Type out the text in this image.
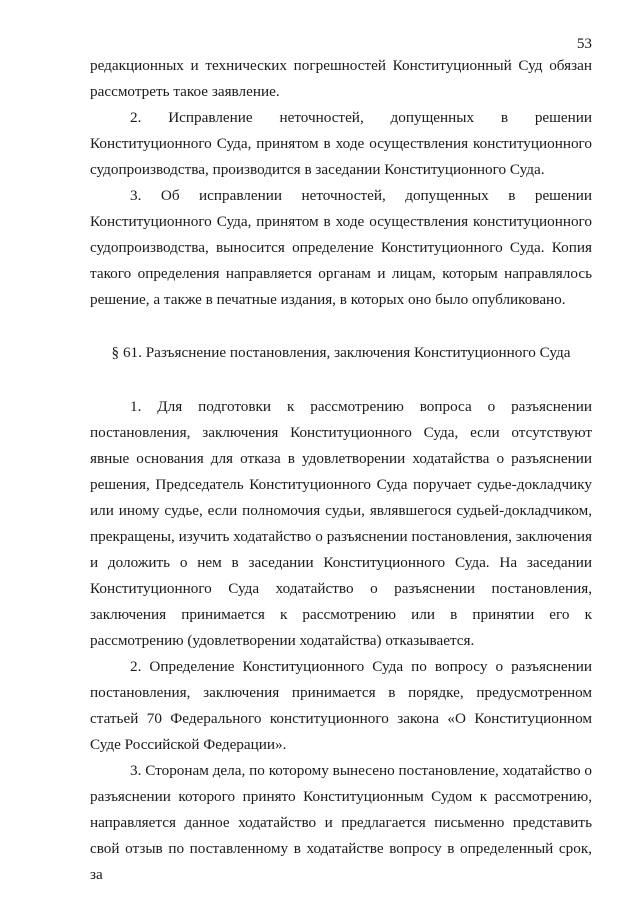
53

редакционных и технических погрешностей Конституционный Суд обязан рассмотреть такое заявление.

2. Исправление неточностей, допущенных в решении Конституционного Суда, принятом в ходе осуществления конституционного судопроизводства, производится в заседании Конституционного Суда.

3. Об исправлении неточностей, допущенных в решении Конституционного Суда, принятом в ходе осуществления конституционного судопроизводства, выносится определение Конституционного Суда. Копия такого определения направляется органам и лицам, которым направлялось решение, а также в печатные издания, в которых оно было опубликовано.

§ 61. Разъяснение постановления, заключения Конституционного Суда

1. Для подготовки к рассмотрению вопроса о разъяснении постановления, заключения Конституционного Суда, если отсутствуют явные основания для отказа в удовлетворении ходатайства о разъяснении решения, Председатель Конституционного Суда поручает судье-докладчику или иному судье, если полномочия судьи, являвшегося судьей-докладчиком, прекращены, изучить ходатайство о разъяснении постановления, заключения и доложить о нем в заседании Конституционного Суда. На заседании Конституционного Суда ходатайство о разъяснении постановления, заключения принимается к рассмотрению или в принятии его к рассмотрению (удовлетворении ходатайства) отказывается.

2. Определение Конституционного Суда по вопросу о разъяснении постановления, заключения принимается в порядке, предусмотренном статьей 70 Федерального конституционного закона «О Конституционном Суде Российской Федерации».

3. Сторонам дела, по которому вынесено постановление, ходатайство о разъяснении которого принято Конституционным Судом к рассмотрению, направляется данное ходатайство и предлагается письменно представить свой отзыв по поставленному в ходатайстве вопросу в определенный срок, за
